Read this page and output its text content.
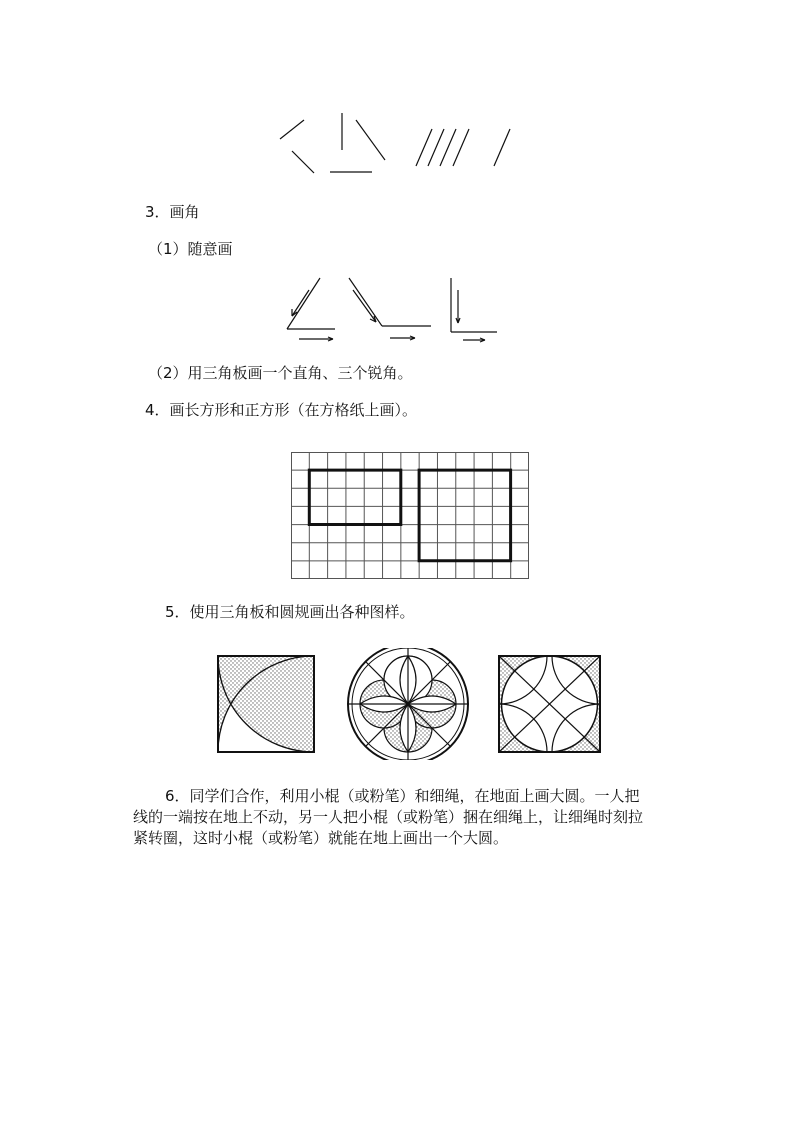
3．画角
（1）随意画
（2）用三角板画一个直角、三个锐角。
4．画长方形和正方形（在方格纸上画）。
5．使用三角板和圆规画出各种图样。
6．同学们合作，利用小棍（或粉笔）和细绳，在地面上画大圆。一人把
线的一端按在地上不动，另一人把小棍（或粉笔）捆在细绳上，让细绳时刻拉
紧转圈，这时小棍（或粉笔）就能在地上画出一个大圆。
